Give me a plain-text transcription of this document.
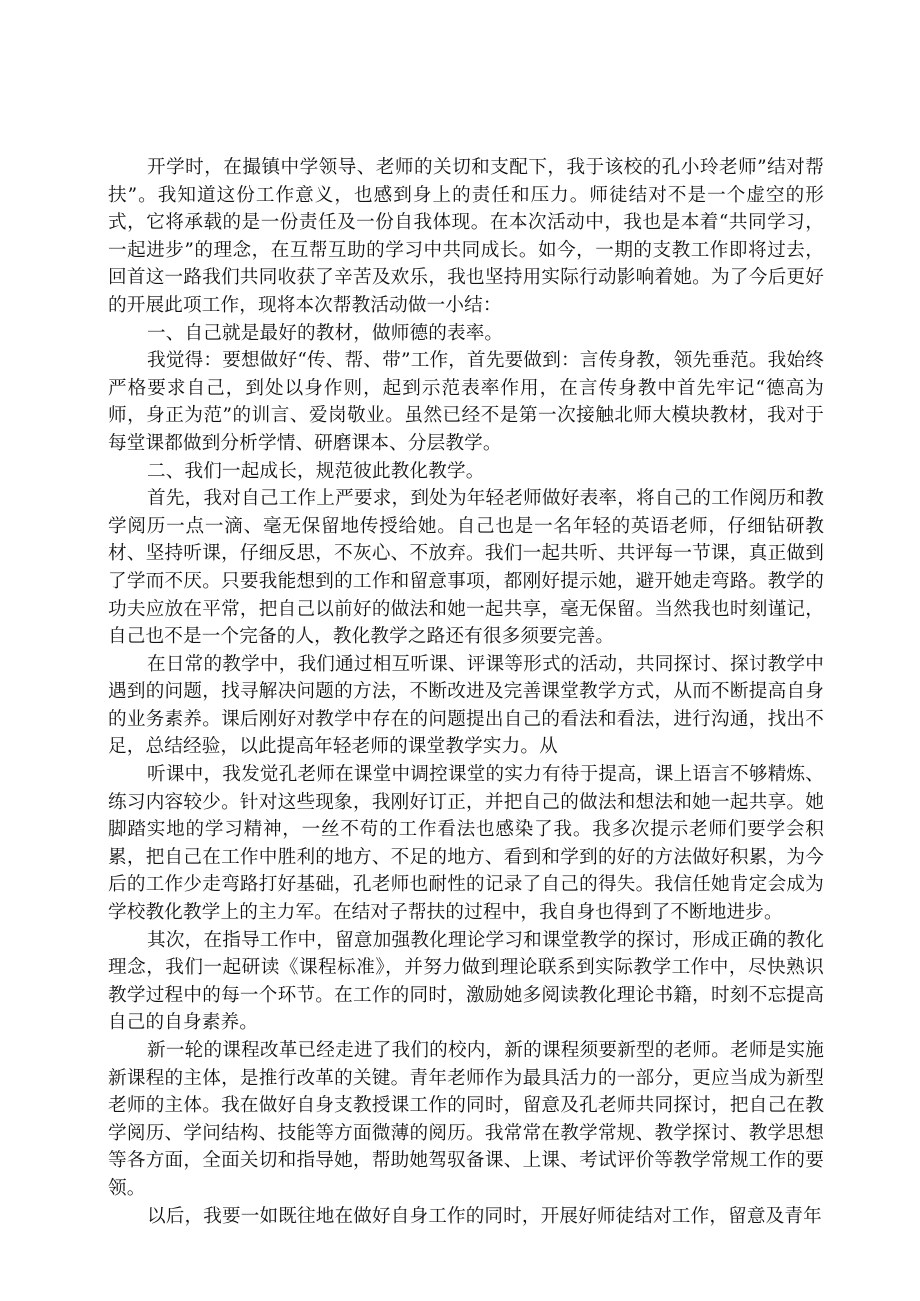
开学时，在撮镇中学领导、老师的关切和支配下，我于该校的孔小玲老师”结对帮扶”。我知道这份工作意义，也感到身上的责任和压力。师徒结对不是一个虚空的形式，它将承载的是一份责任及一份自我体现。在本次活动中，我也是本着“共同学习，一起进步”的理念，在互帮互助的学习中共同成长。如今，一期的支教工作即将过去，回首这一路我们共同收获了辛苦及欢乐，我也坚持用实际行动影响着她。为了今后更好的开展此项工作，现将本次帮教活动做一小结：

一、自己就是最好的教材，做师德的表率。

我觉得：要想做好“传、帮、带”工作，首先要做到：言传身教，领先垂范。我始终严格要求自己，到处以身作则，起到示范表率作用，在言传身教中首先牢记“德高为师，身正为范”的训言、爱岗敬业。虽然已经不是第一次接触北师大模块教材，我对于每堂课都做到分析学情、研磨课本、分层教学。

二、我们一起成长，规范彼此教化教学。

首先，我对自己工作上严要求，到处为年轻老师做好表率，将自己的工作阅历和教学阅历一点一滴、毫无保留地传授给她。自己也是一名年轻的英语老师，仔细钻研教材、坚持听课，仔细反思，不灰心、不放弃。我们一起共听、共评每一节课，真正做到了学而不厌。只要我能想到的工作和留意事项，都刚好提示她，避开她走弯路。教学的功夫应放在平常，把自己以前好的做法和她一起共享，毫无保留。当然我也时刻谨记，自己也不是一个完备的人，教化教学之路还有很多须要完善。

在日常的教学中，我们通过相互听课、评课等形式的活动，共同探讨、探讨教学中遇到的问题，找寻解决问题的方法，不断改进及完善课堂教学方式，从而不断提高自身的业务素养。课后刚好对教学中存在的问题提出自己的看法和看法，进行沟通，找出不足，总结经验，以此提高年轻老师的课堂教学实力。从

听课中，我发觉孔老师在课堂中调控课堂的实力有待于提高，课上语言不够精炼、练习内容较少。针对这些现象，我刚好订正，并把自己的做法和想法和她一起共享。她脚踏实地的学习精神，一丝不苟的工作看法也感染了我。我多次提示老师们要学会积累，把自己在工作中胜利的地方、不足的地方、看到和学到的好的方法做好积累，为今后的工作少走弯路打好基础，孔老师也耐性的记录了自己的得失。我信任她肯定会成为学校教化教学上的主力军。在结对子帮扶的过程中，我自身也得到了不断地进步。

其次，在指导工作中，留意加强教化理论学习和课堂教学的探讨，形成正确的教化理念，我们一起研读《课程标准》，并努力做到理论联系到实际教学工作中，尽快熟识教学过程中的每一个环节。在工作的同时，激励她多阅读教化理论书籍，时刻不忘提高自己的自身素养。

新一轮的课程改革已经走进了我们的校内，新的课程须要新型的老师。老师是实施新课程的主体，是推行改革的关键。青年老师作为最具活力的一部分，更应当成为新型老师的主体。我在做好自身支教授课工作的同时，留意及孔老师共同探讨，把自己在教学阅历、学问结构、技能等方面微薄的阅历。我常常在教学常规、教学探讨、教学思想等各方面，全面关切和指导她，帮助她驾驭备课、上课、考试评价等教学常规工作的要领。

以后，我要一如既往地在做好自身工作的同时，开展好师徒结对工作，留意及青年
